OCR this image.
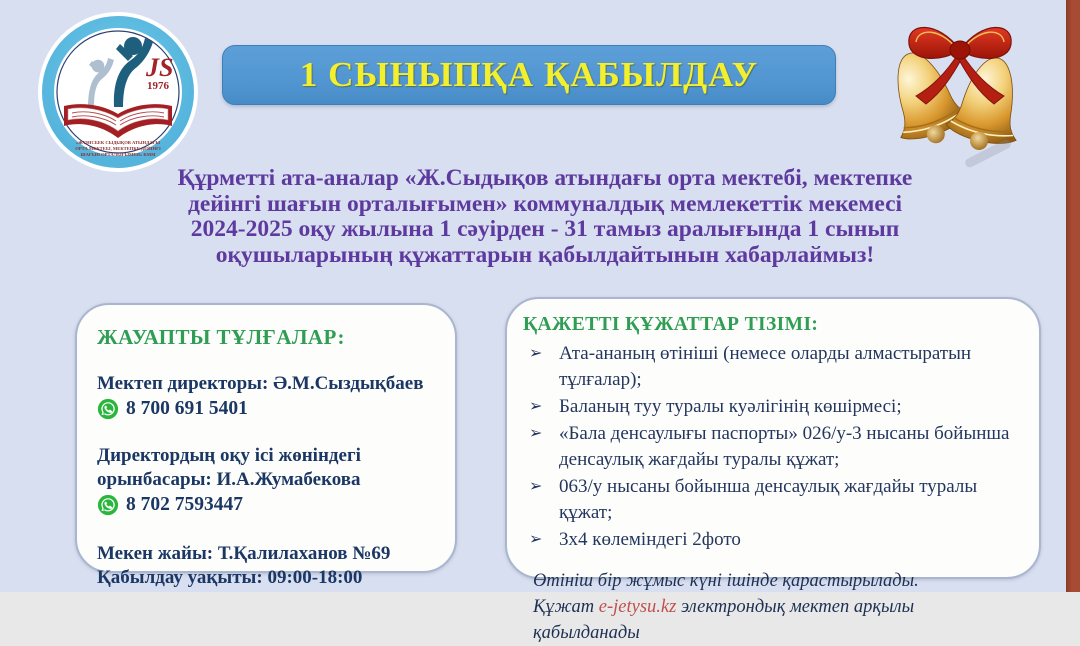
JS
1976
«ЖҮНІСБЕК СЫДЫҚОВ АТЫНДАҒЫ
ОРТА МЕКТЕБІ, МЕКТЕПКЕ ДЕЙІНГІ
ШАҒЫН ОРТАЛЫҒЫМЕН» КММ
1 СЫНЫПҚА ҚАБЫЛДАУ
Құрметті ата-аналар «Ж.Сыдықов атындағы орта мектебі, мектепке
дейінгі шағын орталығымен» коммуналдық мемлекеттік мекемесі
2024-2025 оқу жылына 1 сәуірден - 31 тамыз аралығында 1 сынып
оқушыларының құжаттарын қабылдайтынын хабарлаймыз!
ЖАУАПТЫ ТҰЛҒАЛАР:
Мектеп директоры: Ә.М.Сыздықбаев
8 700 691 5401
Директордың оқу ісі жөніндегі орынбасары: И.А.Жумабекова
8 702 7593447
Мекен жайы: Т.Қалилаханов №69
Қабылдау уақыты: 09:00-18:00
ҚАЖЕТТІ ҚҰЖАТТАР ТІЗІМІ:
➢ Ата-ананың өтініші (немесе оларды алмастыратын тұлғалар);
➢ Баланың туу туралы куәлігінің көшірмесі;
➢ «Бала денсаулығы паспорты» 026/у-3 нысаны бойынша денсаулық жағдайы туралы құжат;
➢ 063/у нысаны бойынша денсаулық жағдайы туралы құжат;
➢ 3х4 көлеміндегі 2фото
Өтініш бір жұмыс күні ішінде қарастырылады.
Құжат e-jetysu.kz электрондық мектеп арқылы қабылданады
